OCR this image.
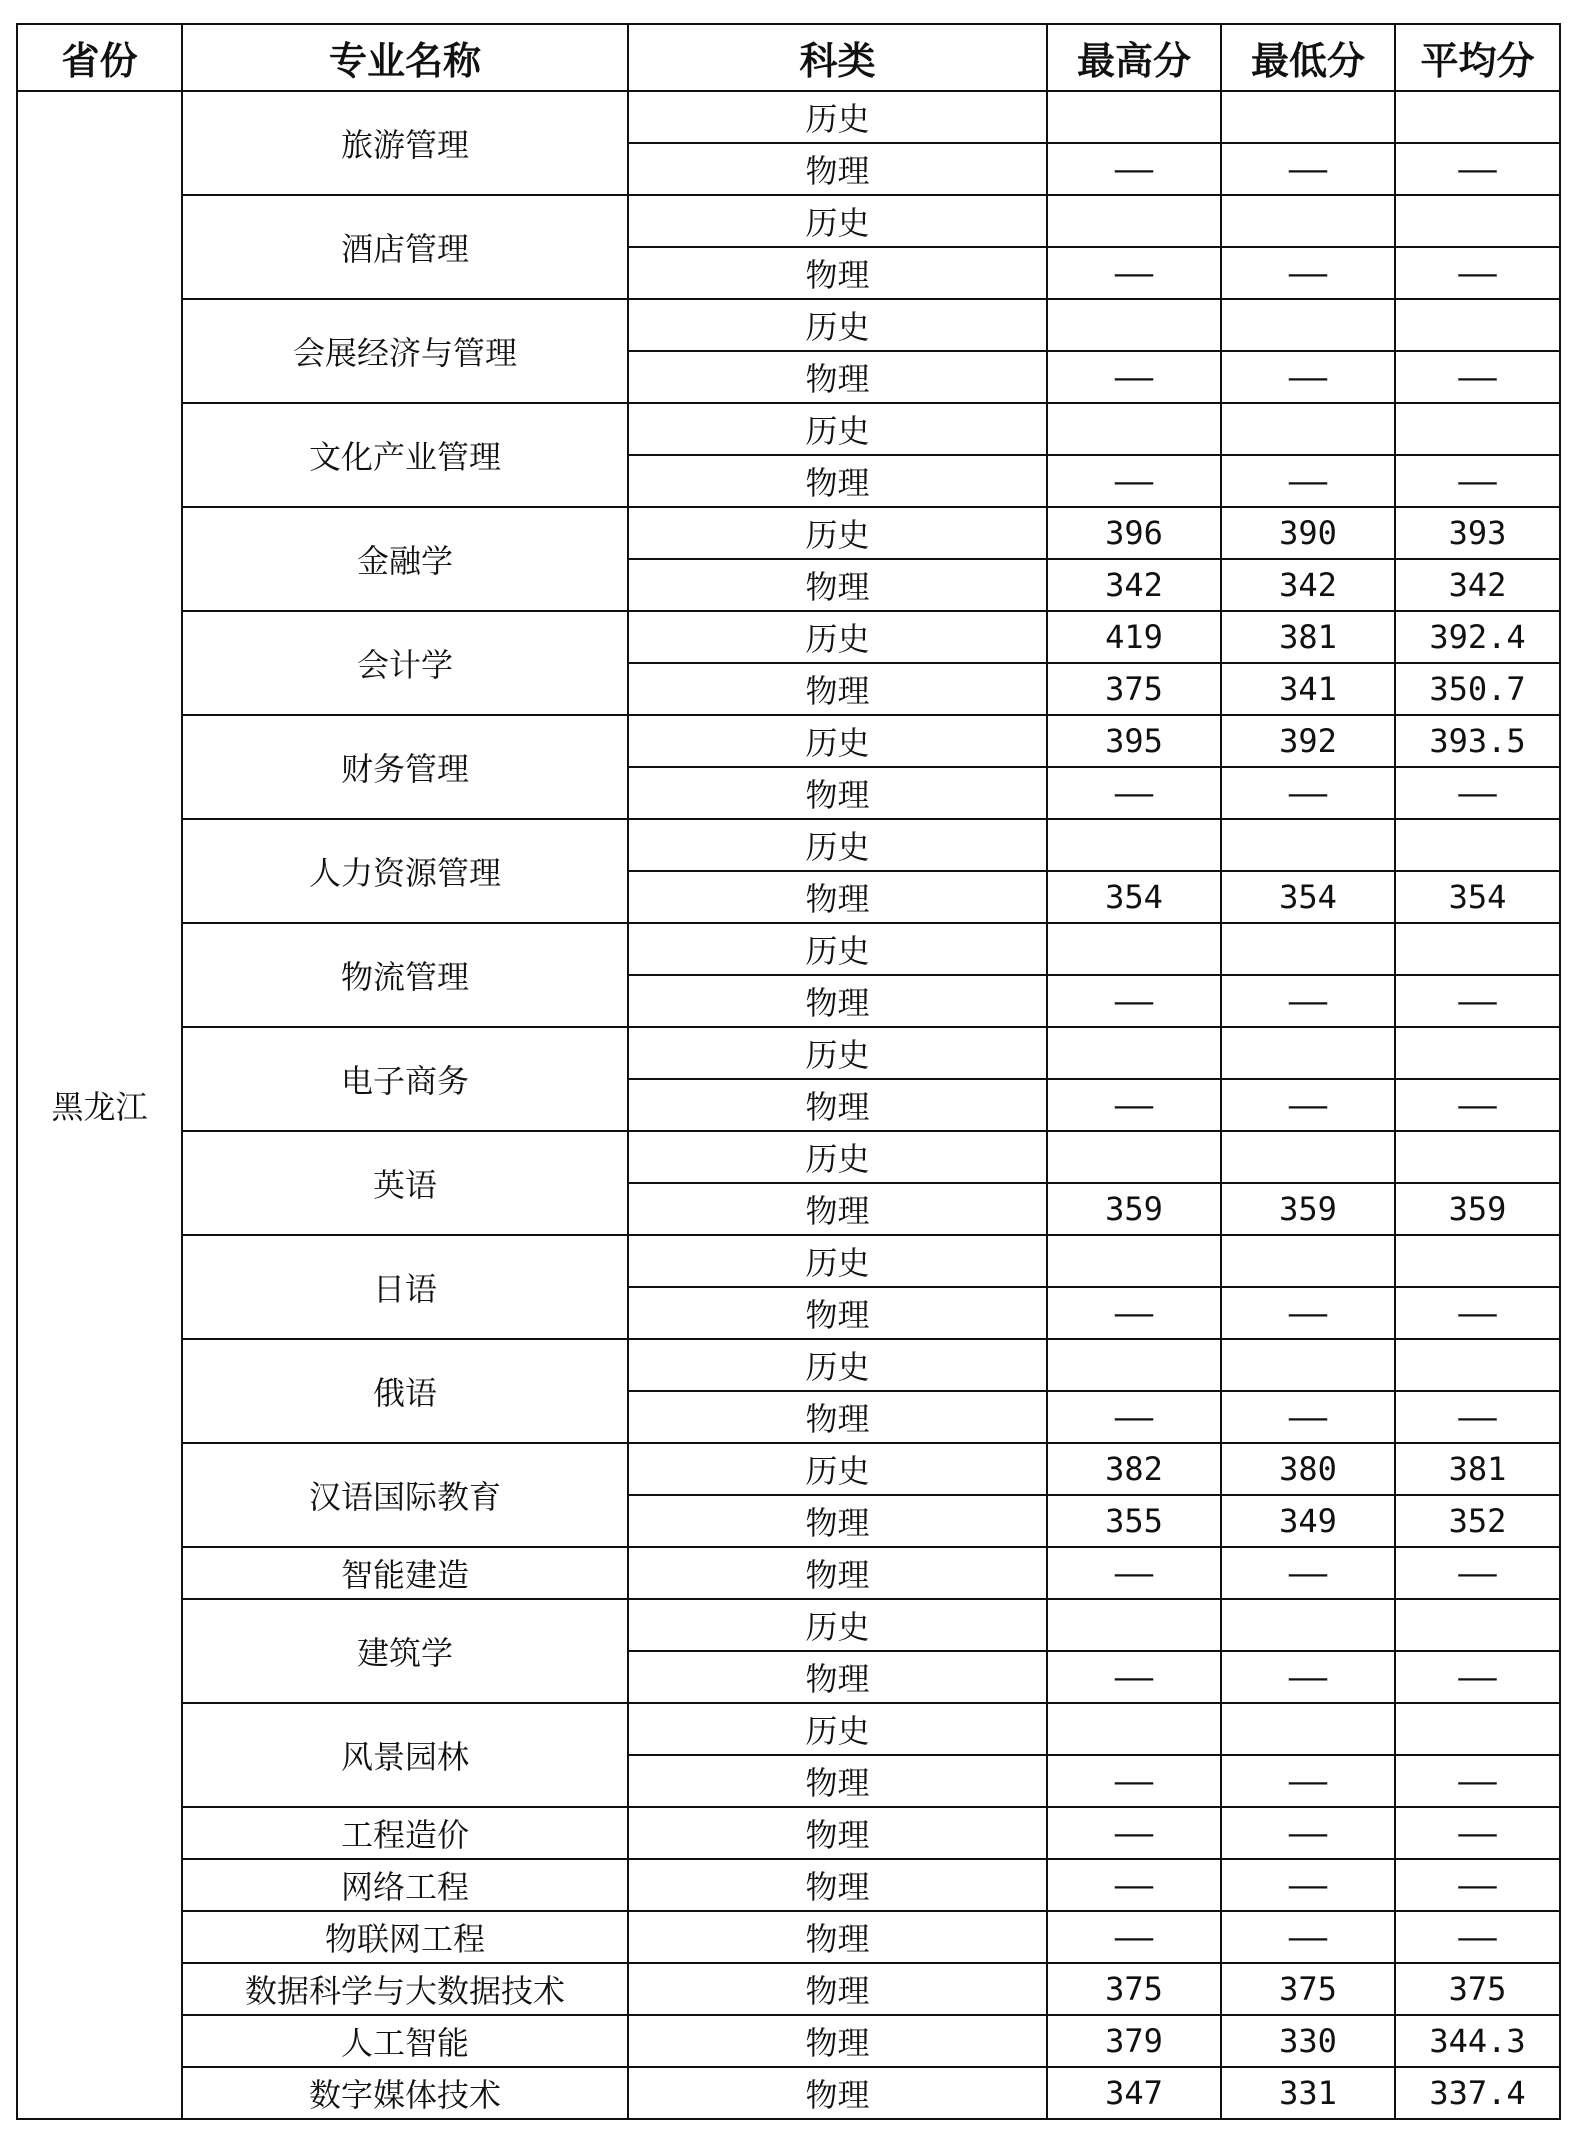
省份	专业名称	科类	最高分	最低分	平均分
黑龙江	旅游管理	历史			
		物理	——	——	——
	酒店管理	历史			
		物理	——	——	——
	会展经济与管理	历史			
		物理	——	——	——
	文化产业管理	历史			
		物理	——	——	——
	金融学	历史	396	390	393
		物理	342	342	342
	会计学	历史	419	381	392.4
		物理	375	341	350.7
	财务管理	历史	395	392	393.5
		物理	——	——	——
	人力资源管理	历史			
		物理	354	354	354
	物流管理	历史			
		物理	——	——	——
	电子商务	历史			
		物理	——	——	——
	英语	历史			
		物理	359	359	359
	日语	历史			
		物理	——	——	——
	俄语	历史			
		物理	——	——	——
	汉语国际教育	历史	382	380	381
		物理	355	349	352
	智能建造	物理	——	——	——
	建筑学	历史			
		物理	——	——	——
	风景园林	历史			
		物理	——	——	——
	工程造价	物理	——	——	——
	网络工程	物理	——	——	——
	物联网工程	物理	——	——	——
	数据科学与大数据技术	物理	375	375	375
	人工智能	物理	379	330	344.3
	数字媒体技术	物理	347	331	337.4
